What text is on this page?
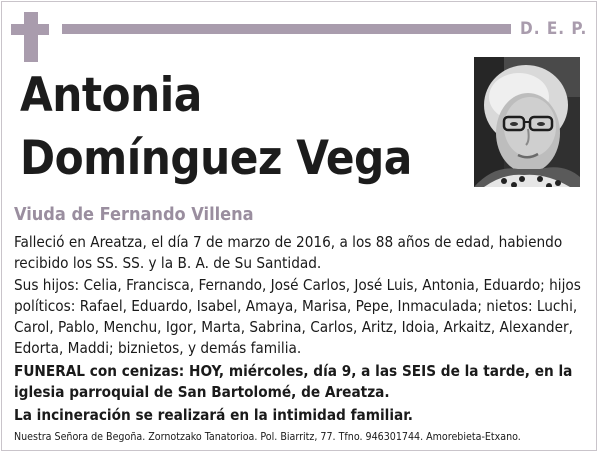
D. E. P.
Antonia
Domínguez Vega
Viuda de Fernando Villena
Falleció en Areatza, el día 7 de marzo de 2016, a los 88 años de edad, habiendo recibido los SS. SS. y la B. A. de Su Santidad.
Sus hijos: Celia, Francisca, Fernando, José Carlos, José Luis, Antonia, Eduardo; hijos políticos: Rafael, Eduardo, Isabel, Amaya, Marisa, Pepe, Inmaculada; nietos: Luchi, Carol, Pablo, Menchu, Igor, Marta, Sabrina, Carlos, Aritz, Idoia, Arkaitz, Alexander, Edorta, Maddi; biznietos, y demás familia.
FUNERAL con cenizas: HOY, miércoles, día 9, a las SEIS de la tarde, en la iglesia parroquial de San Bartolomé, de Areatza.
La incineración se realizará en la intimidad familiar.
Nuestra Señora de Begoña. Zornotzako Tanatorioa. Pol. Biarritz, 77. Tfno. 946301744. Amorebieta-Etxano.
